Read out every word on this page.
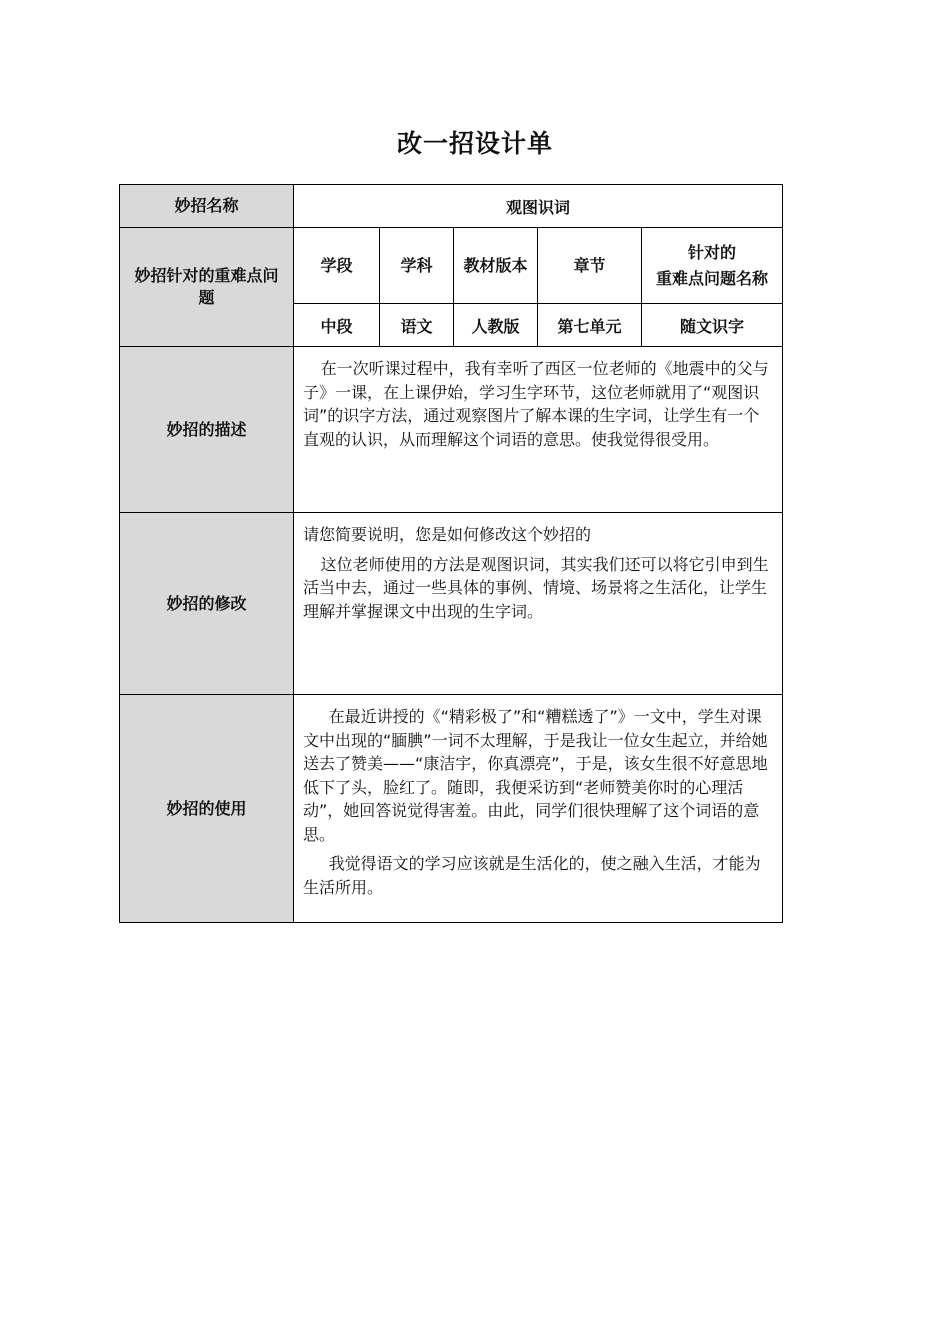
改一招设计单
妙招名称	观图识词				
妙招针对的重难点问题	学段	学科	教材版本	章节	针对的
重难点问题名称

	中段	语文	人教版	第七单元	随文识字
妙招的描述	在一次听课过程中，我有幸听了西区一位老师的《地震中的父与子》一课，在上课伊始，学习生字环节，这位老师就用了“观图识词”的识字方法，通过观察图片了解本课的生字词，让学生有一个直观的认识，从而理解这个词语的意思。使我觉得很受用。				

妙招的修改	请您简要说明，您是如何修改这个妙招的

这位老师使用的方法是观图识词，其实我们还可以将它引申到生活当中去，通过一些具体的事例、情境、场景将之生活化，让学生理解并掌握课文中出现的生字词。				

妙招的使用	在最近讲授的《“精彩极了”和“糟糕透了”》一文中，学生对课文中出现的“腼腆”一词不太理解，于是我让一位女生起立，并给她送去了赞美——“康洁宇，你真漂亮”，于是，该女生很不好意思地低下了头，脸红了。随即，我便采访到“老师赞美你时的心理活动”，她回答说觉得害羞。由此，同学们很快理解了这个词语的意思。

我觉得语文的学习应该就是生活化的，使之融入生活，才能为生活所用。				
